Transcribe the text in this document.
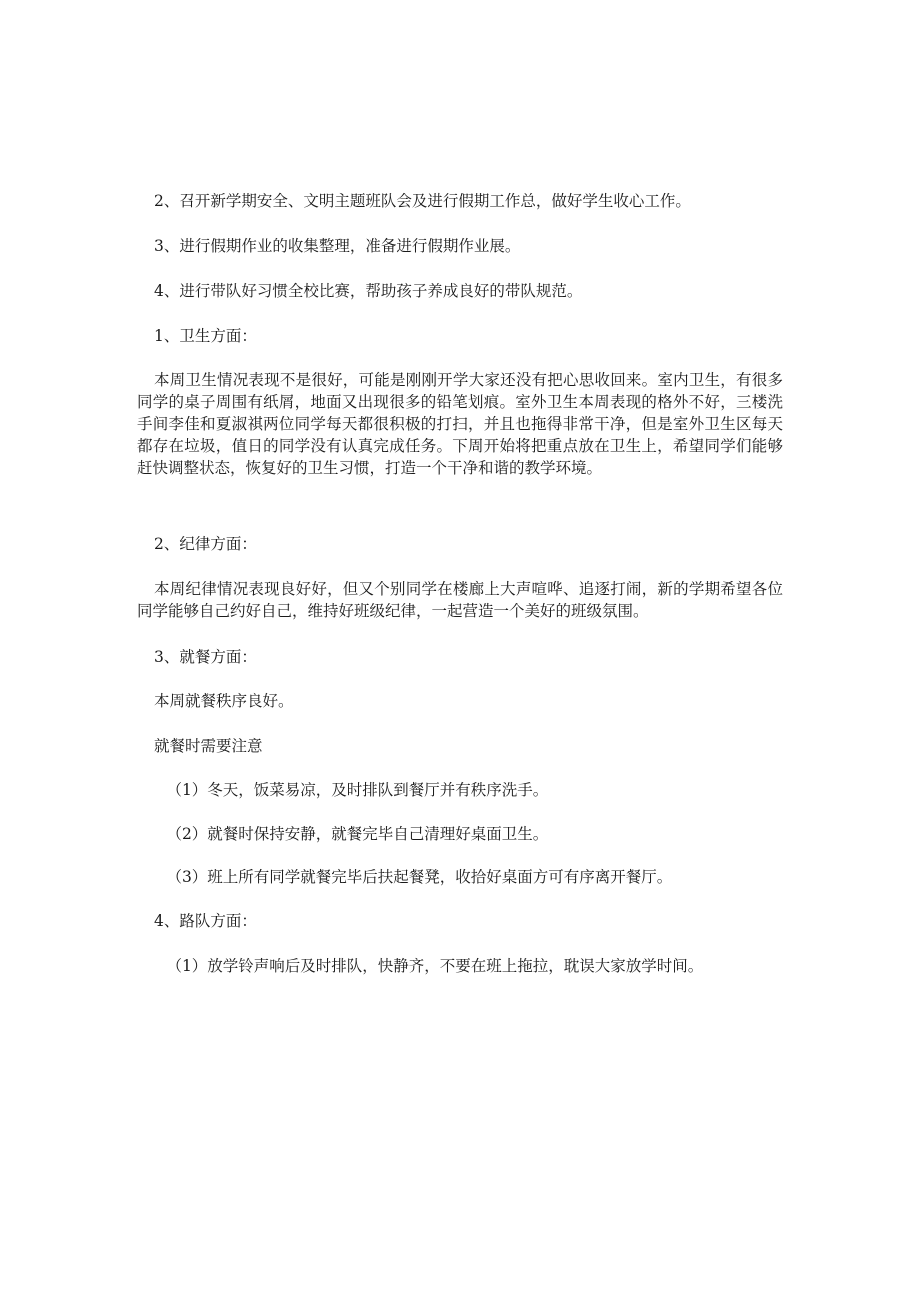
2、召开新学期安全、文明主题班队会及进行假期工作总，做好学生收心工作。

3、进行假期作业的收集整理，准备进行假期作业展。

4、进行带队好习惯全校比赛，帮助孩子养成良好的带队规范。

1、卫生方面：

本周卫生情况表现不是很好，可能是刚刚开学大家还没有把心思收回来。室内卫生，有很多同学的桌子周围有纸屑，地面又出现很多的铅笔划痕。室外卫生本周表现的格外不好，三楼洗手间李佳和夏淑祺两位同学每天都很积极的打扫，并且也拖得非常干净，但是室外卫生区每天都存在垃圾，值日的同学没有认真完成任务。下周开始将把重点放在卫生上，希望同学们能够赶快调整状态，恢复好的卫生习惯，打造一个干净和谐的教学环境。

2、纪律方面：

本周纪律情况表现良好好，但又个别同学在楼廊上大声喧哗、追逐打闹，新的学期希望各位同学能够自己约好自己，维持好班级纪律，一起营造一个美好的班级氛围。

3、就餐方面：

本周就餐秩序良好。

就餐时需要注意

（1）冬天，饭菜易凉，及时排队到餐厅并有秩序洗手。

（2）就餐时保持安静，就餐完毕自己清理好桌面卫生。

（3）班上所有同学就餐完毕后扶起餐凳，收拾好桌面方可有序离开餐厅。

4、路队方面：

（1）放学铃声响后及时排队，快静齐，不要在班上拖拉，耽误大家放学时间。
